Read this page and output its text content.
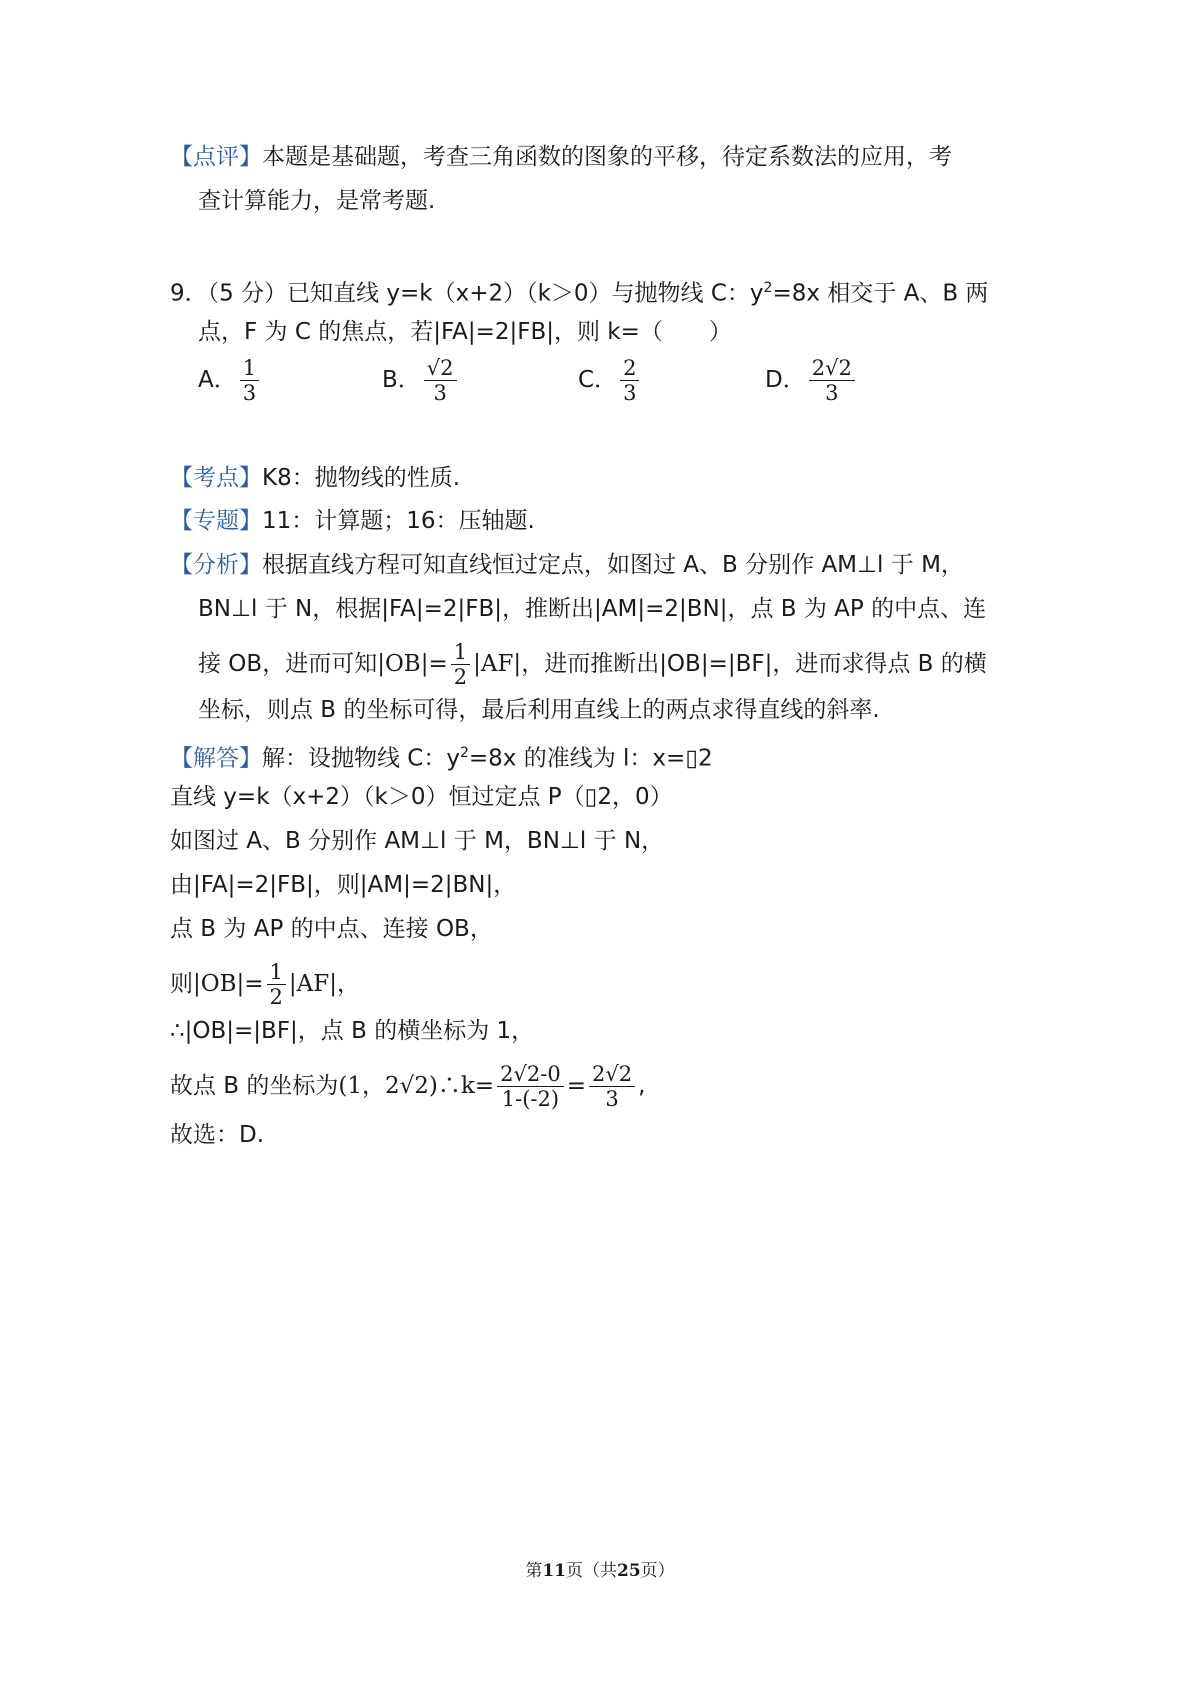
【点评】本题是基础题，考查三角函数的图象的平移，待定系数法的应用，考
查计算能力，是常考题.
9．（5 分）已知直线 y=k（x+2）（k＞0）与抛物线 C：$y^2=8x$ 相交于 A、B 两
点，F 为 C 的焦点，若|FA|=2|FB|，则 k=（　　）
A． $\frac{1}{3}$	B． $\frac{√2}{3}$	C． $\frac{2}{3}$	D． $\frac{2√2}{3}$
【考点】K8：抛物线的性质.
【专题】11：计算题；16：压轴题.
【分析】根据直线方程可知直线恒过定点，如图过 A、B 分别作 AM⊥l 于 M，
BN⊥l 于 N，根据|FA|=2|FB|，推断出|AM|=2|BN|，点 B 为 AP 的中点、连
接 OB，进而可知$|OB|= \frac{1}{2} |AF|$，进而推断出|OB|=|BF|，进而求得点 B 的横
坐标，则点 B 的坐标可得，最后利用直线上的两点求得直线的斜率.
【解答】解：设抛物线 C：$y^2=8x$ 的准线为 l：x=▯2
直线 y=k（x+2）（k＞0）恒过定点 P（▯2，0）
如图过 A、B 分别作 AM⊥l 于 M，BN⊥l 于 N，
由|FA|=2|FB|，则|AM|=2|BN|，
点 B 为 AP 的中点、连接 OB，
则$|OB|= \frac{1}{2} |AF|$，
∴|OB|=|BF|，点 B 的横坐标为 1，
故点 B 的坐标为(1，2√2)∴k= $\frac{2√2-0}{1-(-2)} = \frac{2√2}{3}$ ,
故选：D.
第11页（共25页）
